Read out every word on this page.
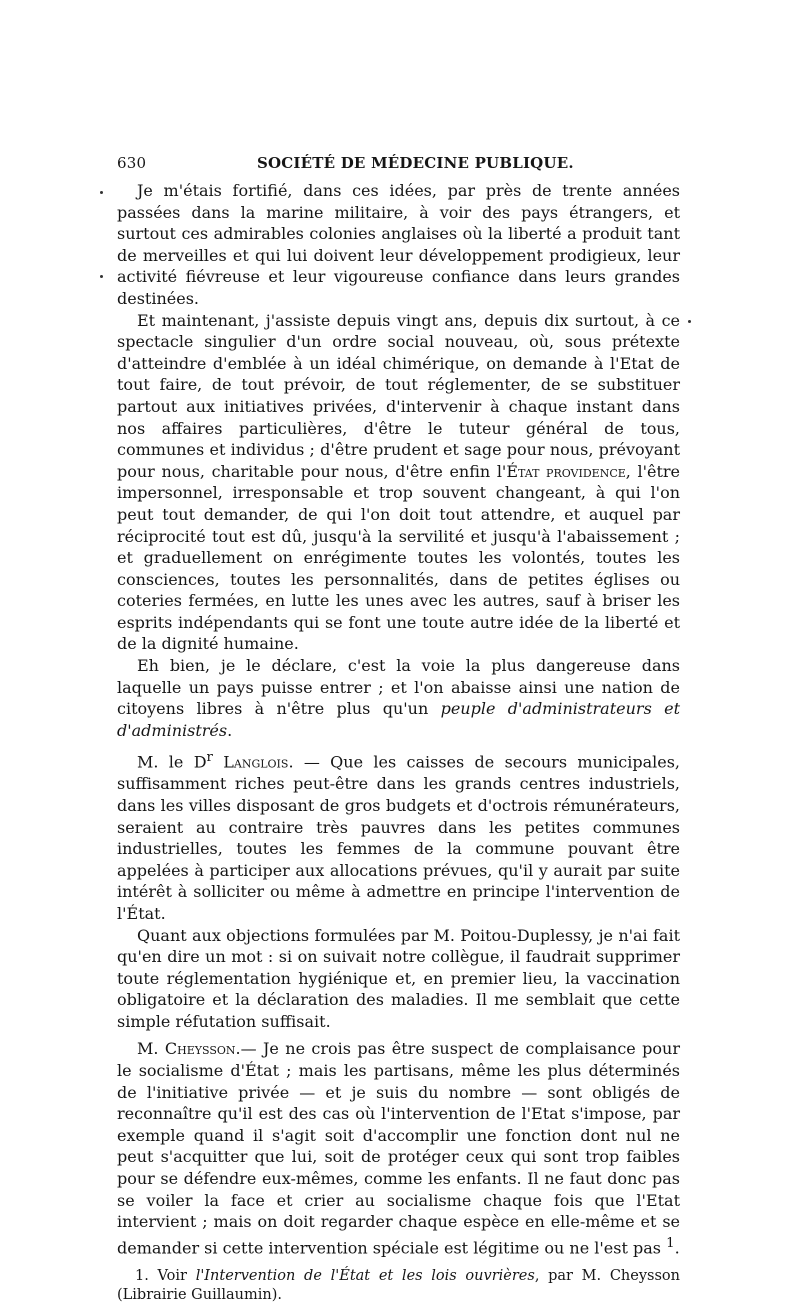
630	SOCIÉTÉ DE MÉDECINE PUBLIQUE.

Je m'étais fortifié, dans ces idées, par près de trente années passées dans la marine militaire, à voir des pays étrangers, et surtout ces admirables colonies anglaises où la liberté a produit tant de merveilles et qui lui doivent leur développement prodigieux, leur activité fiévreuse et leur vigoureuse confiance dans leurs grandes destinées.

Et maintenant, j'assiste depuis vingt ans, depuis dix surtout, à ce spectacle singulier d'un ordre social nouveau, où, sous prétexte d'atteindre d'emblée à un idéal chimérique, on demande à l'Etat de tout faire, de tout prévoir, de tout réglementer, de se substituer partout aux initiatives privées, d'intervenir à chaque instant dans nos affaires particulières, d'être le tuteur général de tous, communes et individus ; d'être prudent et sage pour nous, prévoyant pour nous, charitable pour nous, d'être enfin l'État providence, l'être impersonnel, irresponsable et trop souvent changeant, à qui l'on peut tout demander, de qui l'on doit tout attendre, et auquel par réciprocité tout est dû, jusqu'à la servilité et jusqu'à l'abaissement ; et graduellement on enrégimente toutes les volontés, toutes les consciences, toutes les personnalités, dans de petites églises ou coteries fermées, en lutte les unes avec les autres, sauf à briser les esprits indépendants qui se font une toute autre idée de la liberté et de la dignité humaine.

Eh bien, je le déclare, c'est la voie la plus dangereuse dans laquelle un pays puisse entrer ; et l'on abaisse ainsi une nation de citoyens libres à n'être plus qu'un peuple d'administrateurs et d'administrés.

M. le $D^r$ Langlois. — Que les caisses de secours municipales, suffisamment riches peut-être dans les grands centres industriels, dans les villes disposant de gros budgets et d'octrois rémunérateurs, seraient au contraire très pauvres dans les petites communes industrielles, toutes les femmes de la commune pouvant être appelées à participer aux allocations prévues, qu'il y aurait par suite intérêt à solliciter ou même à admettre en principe l'intervention de l'État.

Quant aux objections formulées par M. Poitou-Duplessy, je n'ai fait qu'en dire un mot : si on suivait notre collègue, il faudrait supprimer toute réglementation hygiénique et, en premier lieu, la vaccination obligatoire et la déclaration des maladies. Il me semblait que cette simple réfutation suffisait.

M. Cheysson.— Je ne crois pas être suspect de complaisance pour le socialisme d'État ; mais les partisans, même les plus déterminés de l'initiative privée — et je suis du nombre — sont obligés de reconnaître qu'il est des cas où l'intervention de l'Etat s'impose, par exemple quand il s'agit soit d'accomplir une fonction dont nul ne peut s'acquitter que lui, soit de protéger ceux qui sont trop faibles pour se défendre eux-mêmes, comme les enfants. Il ne faut donc pas se voiler la face et crier au socialisme chaque fois que l'Etat intervient ; mais on doit regarder chaque espèce en elle-même et se demander si cette intervention spéciale est légitime ou ne l'est pas $^1$.

1. Voir l'Intervention de l'État et les lois ouvrières, par M. Cheysson (Librairie Guillaumin).
